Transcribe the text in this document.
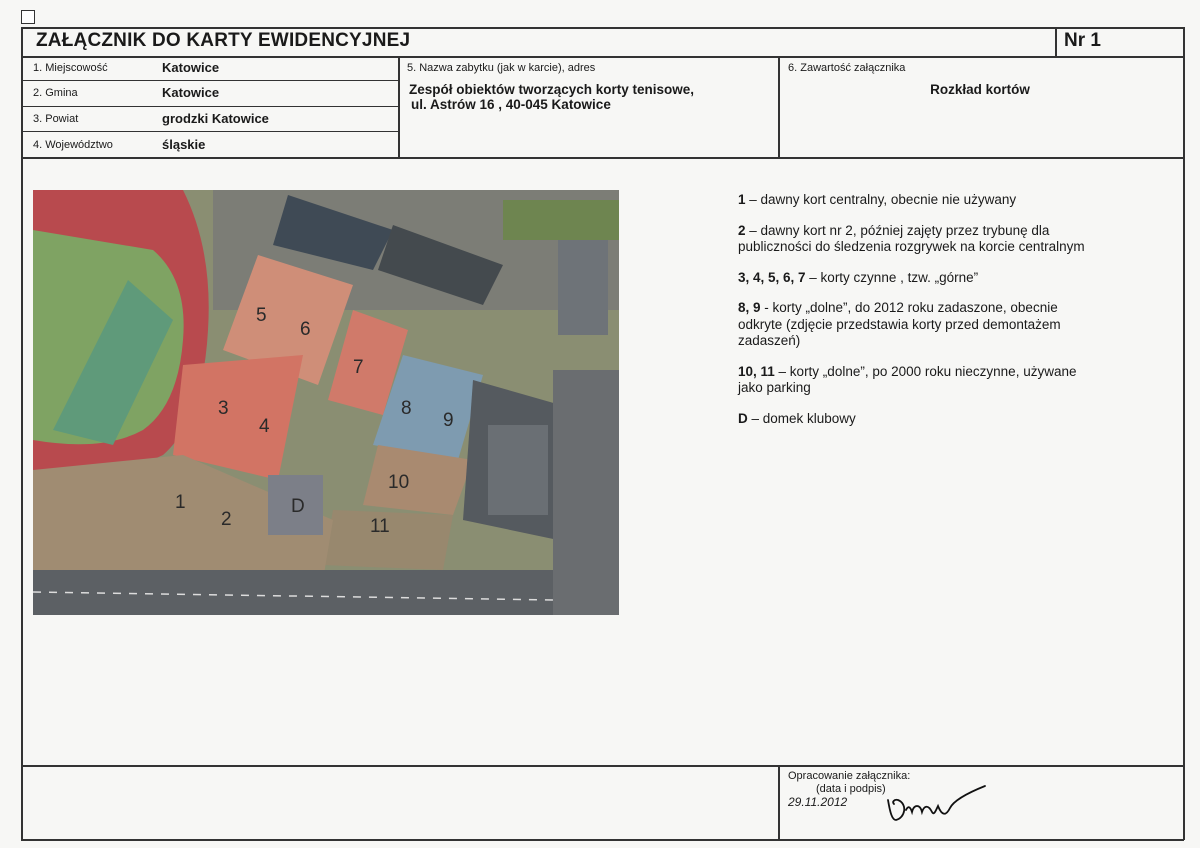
ZAŁĄCZNIK DO KARTY EWIDENCYJNEJ	Nr 1
1. Miejscowość	Katowice
2. Gmina	Katowice
3. Powiat	grodzki Katowice
4. Województwo	śląskie
5. Nazwa zabytku (jak w karcie), adres
Zespół obiektów tworzących korty tenisowe,
ul. Astrów 16 , 40-045 Katowice
6. Zawartość załącznika
Rozkład kortów
1
2
3
4
5
6
7
8
9
10
11
D

1 – dawny kort centralny, obecnie nie używany

2 – dawny kort nr 2, później zajęty przez trybunę dla publiczności do śledzenia rozgrywek na korcie centralnym

3, 4, 5, 6, 7 – korty czynne , tzw. „górne”

8, 9 - korty „dolne”, do 2012 roku zadaszone, obecnie odkryte (zdjęcie przedstawia korty przed demontażem zadaszeń)

10, 11 – korty „dolne”, po 2000 roku nieczynne, używane jako parking

D – domek klubowy

Opracowanie załącznika:
(data i podpis)
29.11.2012
